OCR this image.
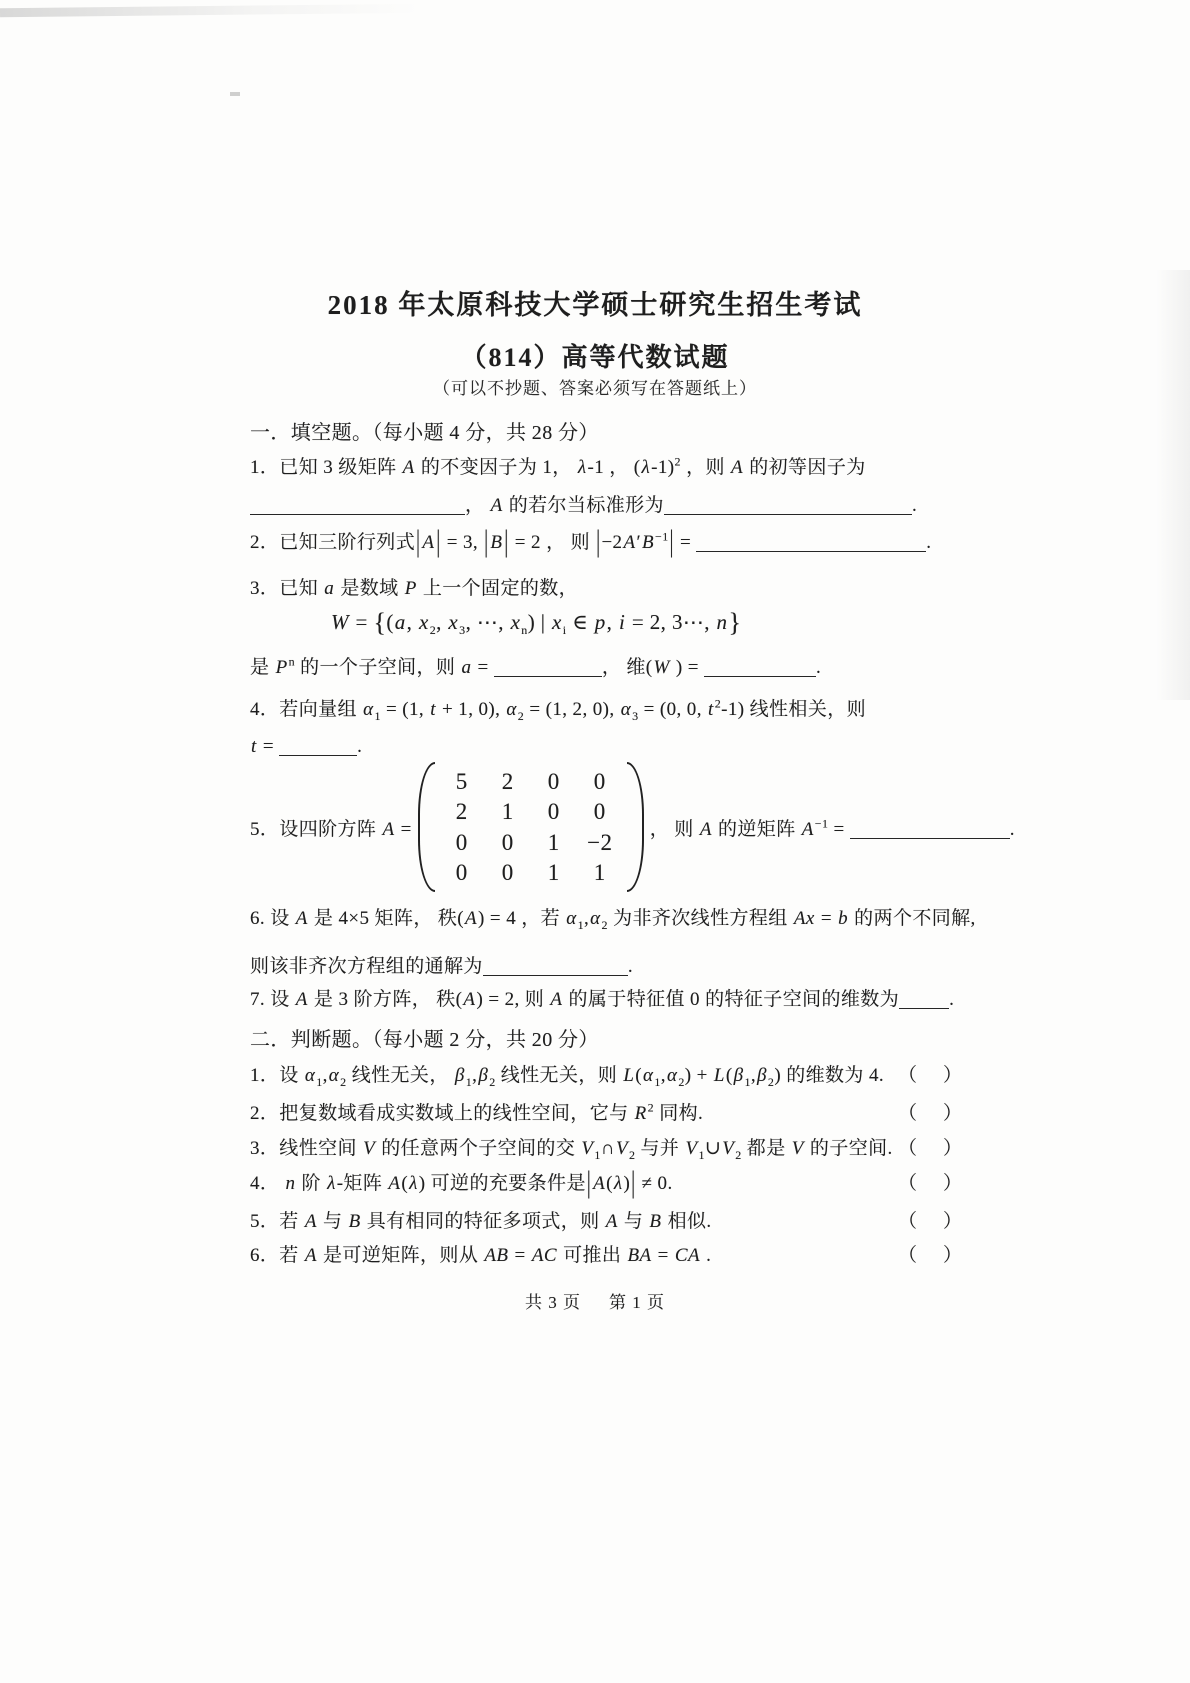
2018 年太原科技大学硕士研究生招生考试
（814）高等代数试题
（可以不抄题、答案必须写在答题纸上）
一．填空题。（每小题 4 分，共 28 分）
1．已知 3 级矩阵 A 的不变因子为 1， λ-1 ， $(\lambda-1)^2$ ，则 A 的初等因子为
， A 的若尔当标准形为	.
2．已知三阶行列式| A | = 3, | B | = 2 ， 则 $|-2A'B^{-1}|$ =	.
3．已知 a 是数域 P 上一个固定的数，
W = {(a, $x_2$, $x_3$, ⋯, $x_n$) | $x_i$ ∈ p, i = 2, 3⋯, n}
是 $P^n$ 的一个子空间，则 a =	， 维(W ) =	.
4．若向量组 $\alpha_1 = (1$, t + 1, 0), $\alpha_2 = (1$, 2, 0), $\alpha_3 = (0$, 0, $t^2-1$) 线性相关，则
t =	.
5．设四阶方阵 A =
5 2 0 0
2 1 0 0
0 0 1 −2
0 0 1 1
， 则 A 的逆矩阵 $A^{-1}$ =	.
6. 设 A 是 4×5 矩阵， 秩(A) = 4 ，若 $\alpha_1,\alpha_2$ 为非齐次线性方程组 Ax = b 的两个不同解,
则该非齐次方程组的通解为	.
7. 设 A 是 3 阶方阵， 秩(A) = 2, 则 A 的属于特征值 0 的特征子空间的维数为	.
二．判断题。（每小题 2 分，共 20 分）
1．设 $\alpha_1,\alpha_2$ 线性无关， $\beta_1,\beta_2$ 线性无关，则 $L(\alpha_1,\alpha_2) + L(\beta_1,\beta_2)$ 的维数为 4. （ ）
2．把复数域看成实数域上的线性空间，它与 $R^2$ 同构.	（ ）
3．线性空间 V 的任意两个子空间的交 $V_1\cap V_2$ 与并 $V_1\cup V_2$ 都是 V 的子空间. （ ）
4． n 阶 λ-矩阵 A(λ) 可逆的充要条件是| A(λ)| ≠ 0.	（ ）
5．若 A 与 B 具有相同的特征多项式，则 A 与 B 相似.	（ ）
6．若 A 是可逆矩阵，则从 AB = AC 可推出 BA = CA .	（ ）
共 3 页 第 1 页
